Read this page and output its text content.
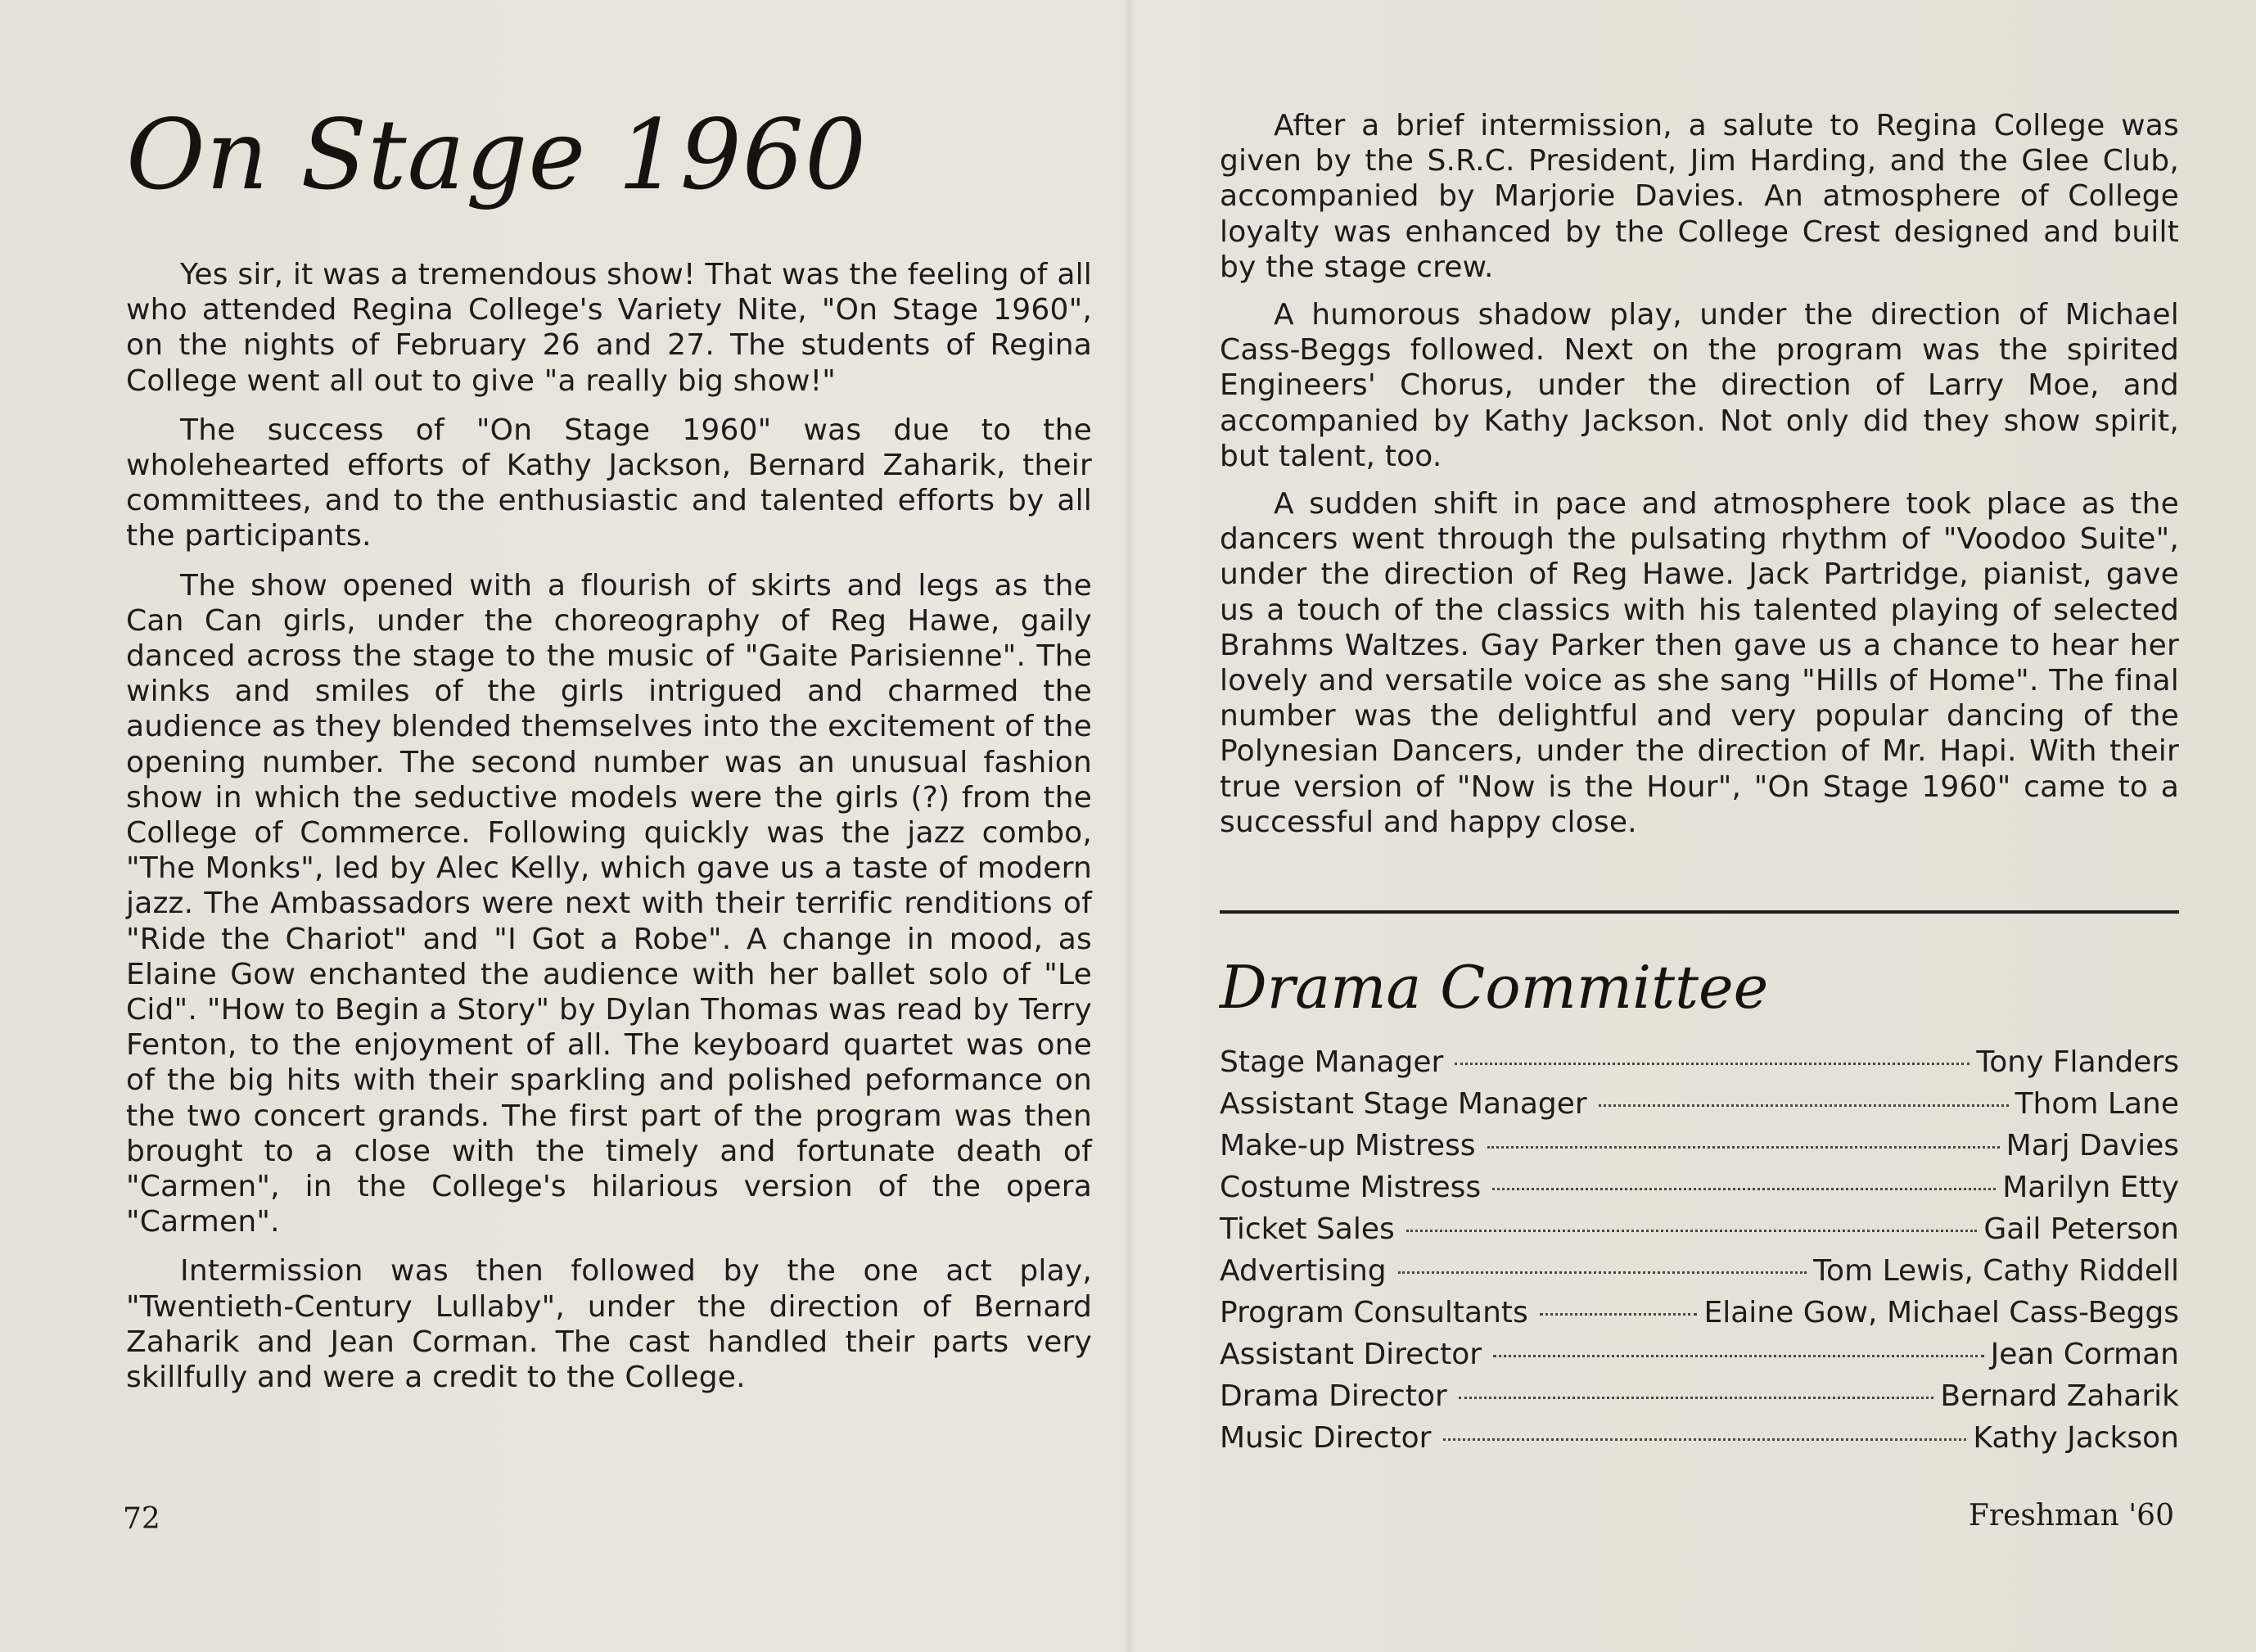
On Stage 1960

Yes sir, it was a tremendous show! That was the feeling of all who attended Regina College's Variety Nite, "On Stage 1960", on the nights of February 26 and 27. The students of Regina College went all out to give "a really big show!"

The success of "On Stage 1960" was due to the wholehearted efforts of Kathy Jackson, Bernard Zaharik, their committees, and to the enthusiastic and talented efforts by all the participants.

The show opened with a flourish of skirts and legs as the Can Can girls, under the choreography of Reg Hawe, gaily danced across the stage to the music of "Gaite Parisienne". The winks and smiles of the girls intrigued and charmed the audience as they blended themselves into the excitement of the opening number. The second number was an unusual fashion show in which the seductive models were the girls (?) from the College of Commerce. Following quickly was the jazz combo, "The Monks", led by Alec Kelly, which gave us a taste of modern jazz. The Ambassadors were next with their terrific renditions of "Ride the Chariot" and "I Got a Robe". A change in mood, as Elaine Gow enchanted the audience with her ballet solo of "Le Cid". "How to Begin a Story" by Dylan Thomas was read by Terry Fenton, to the enjoyment of all. The keyboard quartet was one of the big hits with their sparkling and polished peformance on the two concert grands. The first part of the program was then brought to a close with the timely and fortunate death of "Carmen", in the College's hilarious version of the opera "Carmen".

Intermission was then followed by the one act play, "Twentieth-Century Lullaby", under the direction of Bernard Zaharik and Jean Corman. The cast handled their parts very skillfully and were a credit to the College.

After a brief intermission, a salute to Regina College was given by the S.R.C. President, Jim Harding, and the Glee Club, accompanied by Marjorie Davies. An atmosphere of College loyalty was enhanced by the College Crest designed and built by the stage crew.

A humorous shadow play, under the direction of Michael Cass-Beggs followed. Next on the program was the spirited Engineers' Chorus, under the direction of Larry Moe, and accompanied by Kathy Jackson. Not only did they show spirit, but talent, too.

A sudden shift in pace and atmosphere took place as the dancers went through the pulsating rhythm of "Voodoo Suite", under the direction of Reg Hawe. Jack Partridge, pianist, gave us a touch of the classics with his talented playing of selected Brahms Waltzes. Gay Parker then gave us a chance to hear her lovely and versatile voice as she sang "Hills of Home". The final number was the delightful and very popular dancing of the Polynesian Dancers, under the direction of Mr. Hapi. With their true version of "Now is the Hour", "On Stage 1960" came to a successful and happy close.

Drama Committee
Stage Manager	Tony Flanders
Assistant Stage Manager	Thom Lane
Make-up Mistress	Marj Davies
Costume Mistress	Marilyn Etty
Ticket Sales	Gail Peterson
Advertising	Tom Lewis, Cathy Riddell
Program Consultants	Elaine Gow, Michael Cass-Beggs
Assistant Director	Jean Corman
Drama Director	Bernard Zaharik
Music Director	Kathy Jackson
72	Freshman '60
